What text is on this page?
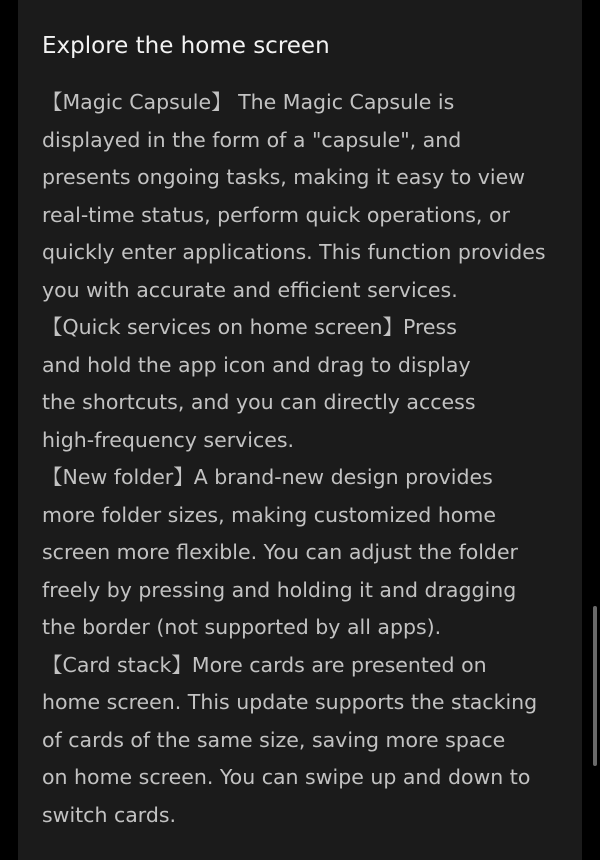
Explore the home screen
【Magic Capsule】 The Magic Capsule is
displayed in the form of a "capsule", and
presents ongoing tasks, making it easy to view
real-time status, perform quick operations, or
quickly enter applications. This function provides
you with accurate and efficient services.
【Quick services on home screen】Press
and hold the app icon and drag to display
the shortcuts, and you can directly access
high-frequency services.
【New folder】A brand-new design provides
more folder sizes, making customized home
screen more flexible. You can adjust the folder
freely by pressing and holding it and dragging
the border (not supported by all apps).
【Card stack】More cards are presented on
home screen. This update supports the stacking
of cards of the same size, saving more space
on home screen. You can swipe up and down to
switch cards.
